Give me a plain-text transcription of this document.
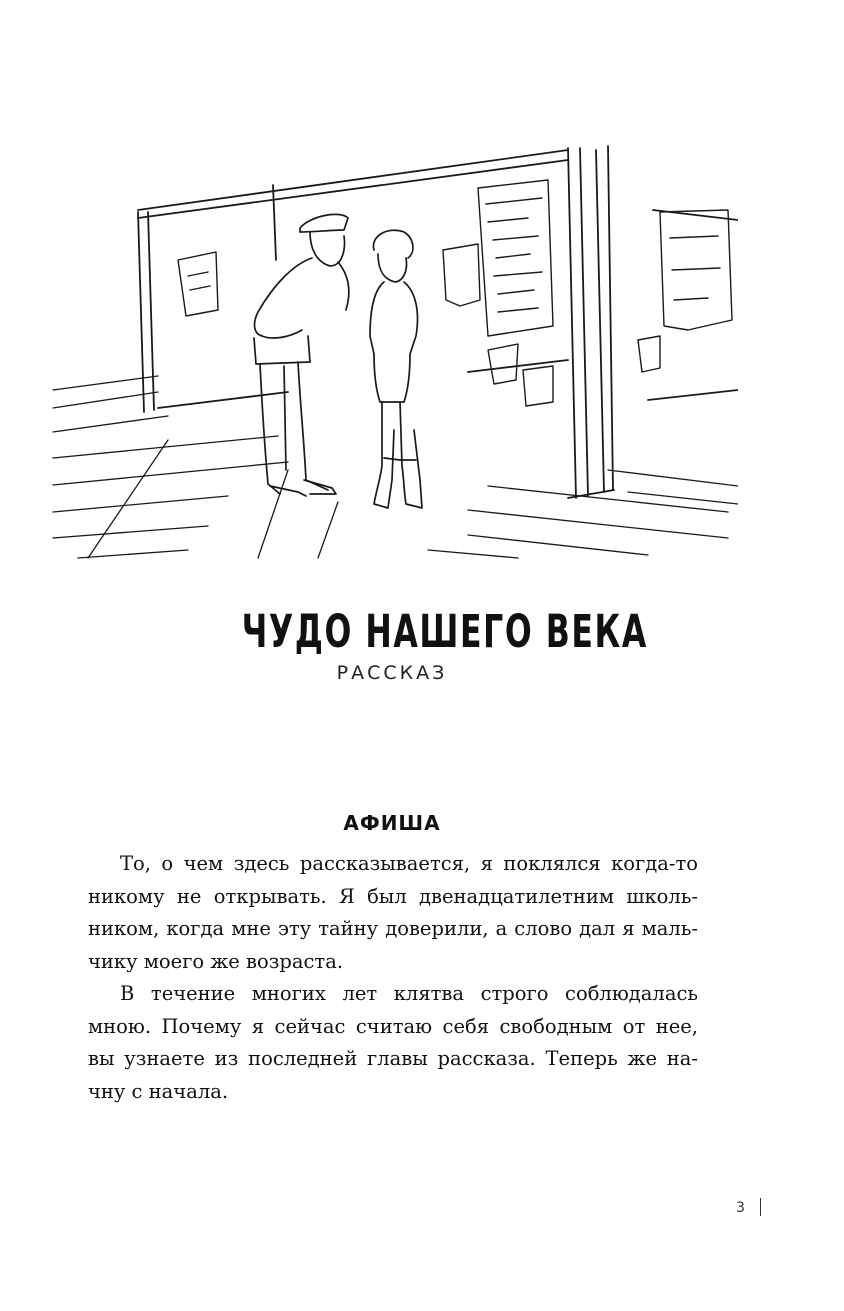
ЧУДО НАШЕГО ВЕКА
РАССКАЗ
АФИША
То, о чем здесь рассказывается, я поклялся когда-то
никому не открывать. Я был двенадцатилетним школь-
ником, когда мне эту тайну доверили, а слово дал я маль-
чику моего же возраста.
В течение многих лет клятва строго соблюдалась
мною. Почему я сейчас считаю себя свободным от нее,
вы узнаете из последней главы рассказа. Теперь же на-
чну с начала.
3
